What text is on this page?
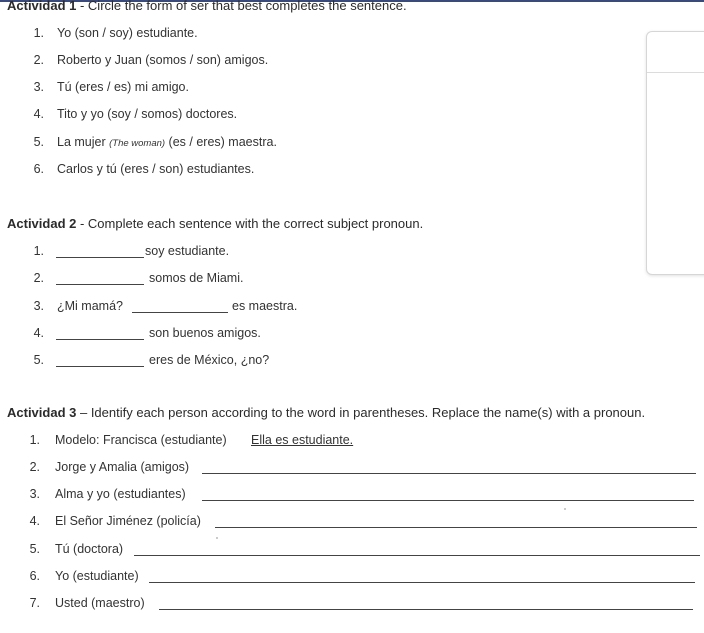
Actividad 1 - Circle the form of ser that best completes the sentence.
1. Yo (son / soy) estudiante.
2. Roberto y Juan (somos / son) amigos.
3. Tú (eres / es) mi amigo.
4. Tito y yo (soy / somos) doctores.
5. La mujer (The woman) (es / eres) maestra.
6. Carlos y tú (eres / son) estudiantes.
Actividad 2 - Complete each sentence with the correct subject pronoun.
1.	soy estudiante.
2.	somos de Miami.
3. ¿Mi mamá?	es maestra.
4.	son buenos amigos.
5.	eres de México, ¿no?
Actividad 3 – Identify each person according to the word in parentheses. Replace the name(s) with a pronoun.
1. Modelo: Francisca (estudiante) Ella es estudiante.
2. Jorge y Amalia (amigos)
3. Alma y yo (estudiantes)
4. El Señor Jiménez (policía)
5. Tú (doctora)
6. Yo (estudiante)
7. Usted (maestro)
